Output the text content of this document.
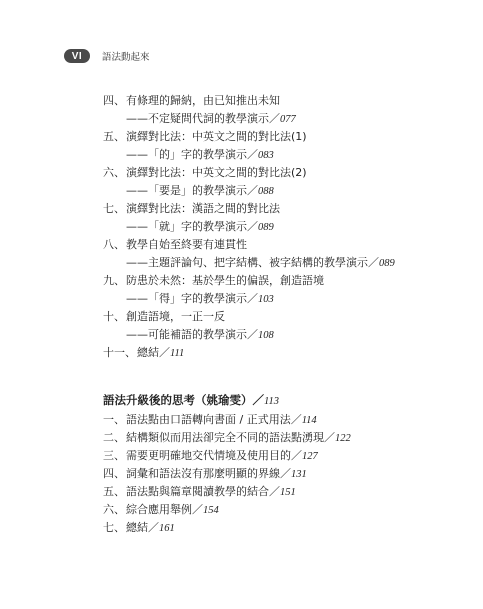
VI	語法動起來
四、 有條理的歸納，由已知推出未知
——不定疑問代詞的教學演示／077
五、 演繹對比法：中英文之間的對比法(1)
——「的」字的教學演示／083
六、 演繹對比法：中英文之間的對比法(2)
——「要是」的教學演示／088
七、 演繹對比法：漢語之間的對比法
——「就」字的教學演示／089
八、 教學自始至終要有連貫性
——主題評論句、把字結構、被字結構的教學演示／089
九、 防患於未然：基於學生的偏誤，創造語境
——「得」字的教學演示／103
十、 創造語境，一正一反
——可能補語的教學演示／108
十一、 總結／111
語法升級後的思考（姚瑜雯）／113
一、 語法點由口語轉向書面 / 正式用法／114
二、 結構類似而用法卻完全不同的語法點湧現／122
三、 需要更明確地交代情境及使用目的／127
四、 詞彙和語法沒有那麼明顯的界線／131
五、 語法點與篇章閱讀教學的結合／151
六、 綜合應用舉例／154
七、 總結／161
